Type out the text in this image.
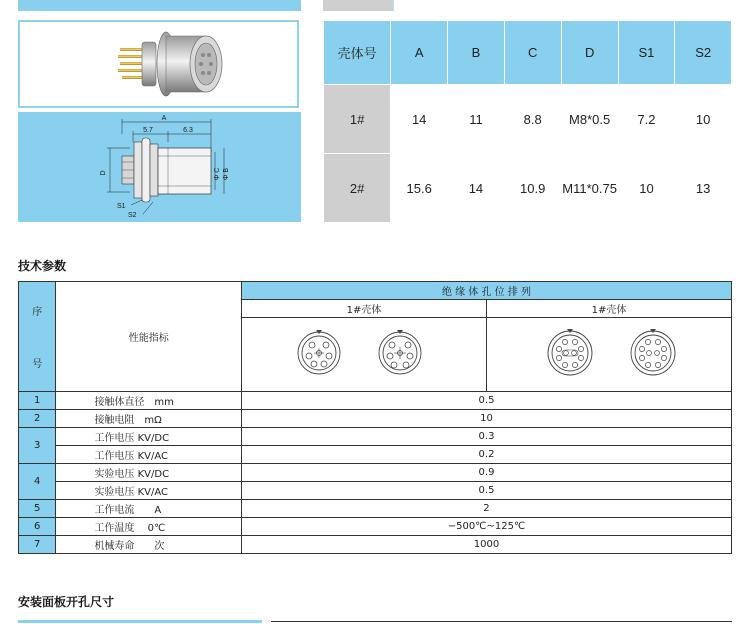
A
5.7	6.3
D	Φ C Φ B
S1
S2
壳体号	A	B	C	D	S1	S2
1#	14	11	8.8	M8*0.5	7.2	10
2#	15.6	14	10.9	M11*0.75	10	13
技术参数
序
号	性能指标	绝 缘 体 孔 位 排 列	
		1#壳体	1#壳体

1	接触体直径　mm	0.5	
2	接触电阻　mΩ	10	
3	工作电压 KV/DC	0.3	
	工作电压 KV/AC	0.2	
4	实验电压 KV/DC	0.9	
	实验电压 KV/AC	0.5	
5	工作电流　　A	2	
6	工作温度　 0℃	−500℃~125℃	
7	机械寿命　　次	1000	
安装面板开孔尺寸
